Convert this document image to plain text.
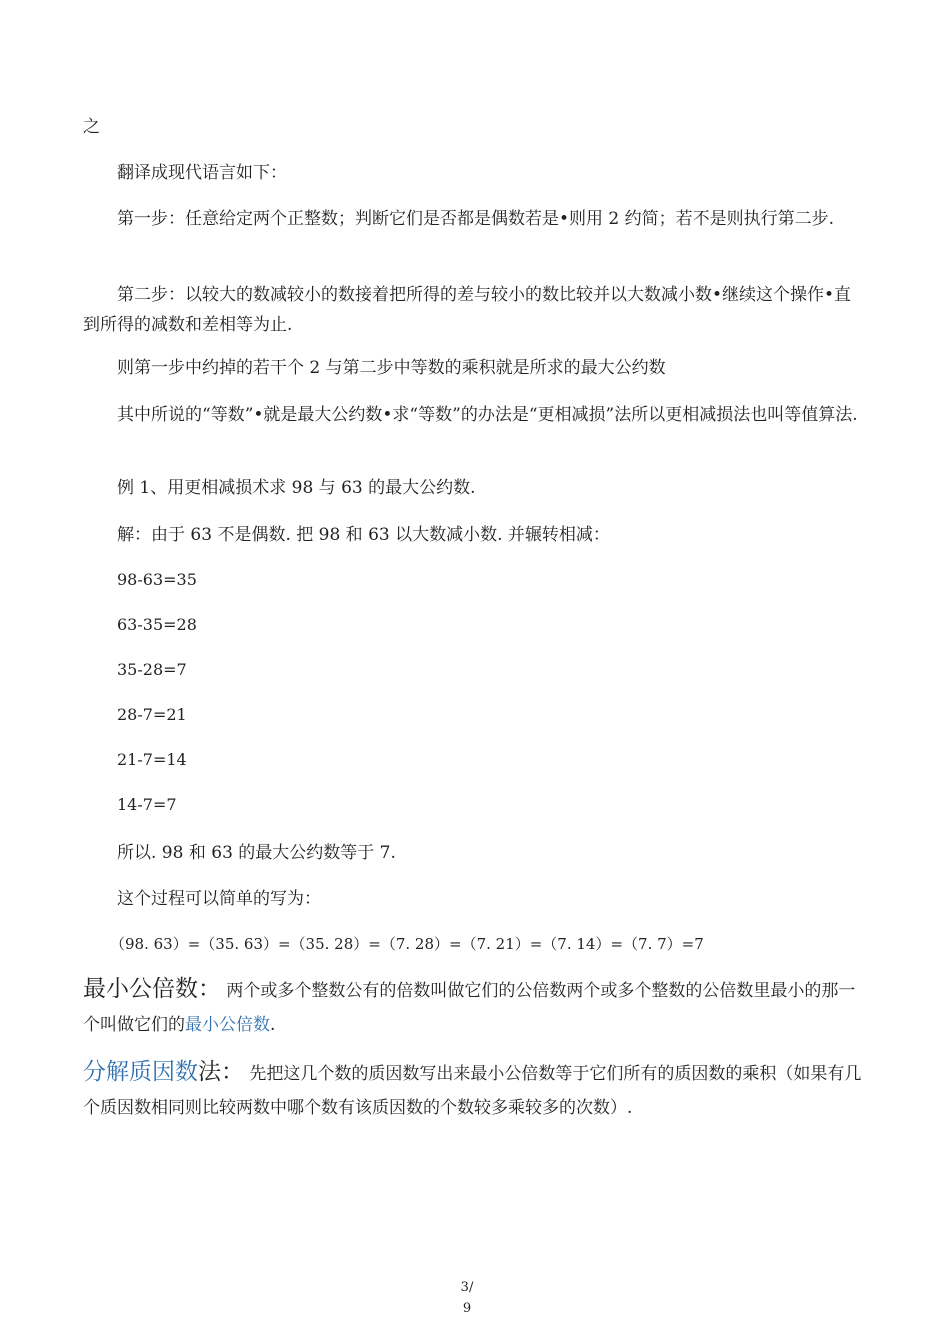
之

翻译成现代语言如下：

第一步：任意给定两个正整数；判断它们是否都是偶数若是•则用 2 约简；若不是则执行第二步.

第二步：以较大的数减较小的数接着把所得的差与较小的数比较并以大数减小数•继续这个操作•直到所得的减数和差相等为止.

则第一步中约掉的若干个 2 与第二步中等数的乘积就是所求的最大公约数

其中所说的“等数”•就是最大公约数•求“等数”的办法是“更相减损”法所以更相减损法也叫等值算法.

例 1、用更相减损术求 98 与 63 的最大公约数.

解：由于 63 不是偶数. 把 98 和 63 以大数减小数. 并辗转相减：

98-63=35

63-35=28

35-28=7

28-7=21

21-7=14

14-7=7

所以. 98 和 63 的最大公约数等于 7.

这个过程可以简单的写为：

（98. 63）=（35. 63）=（35. 28）=（7. 28）=（7. 21）=（7. 14）=（7. 7）=7

最小公倍数： 两个或多个整数公有的倍数叫做它们的公倍数两个或多个整数的公倍数里最小的那一个叫做它们的最小公倍数.

分解质因数法： 先把这几个数的质因数写出来最小公倍数等于它们所有的质因数的乘积（如果有几个质因数相同则比较两数中哪个数有该质因数的个数较多乘较多的次数）.

3/
9
